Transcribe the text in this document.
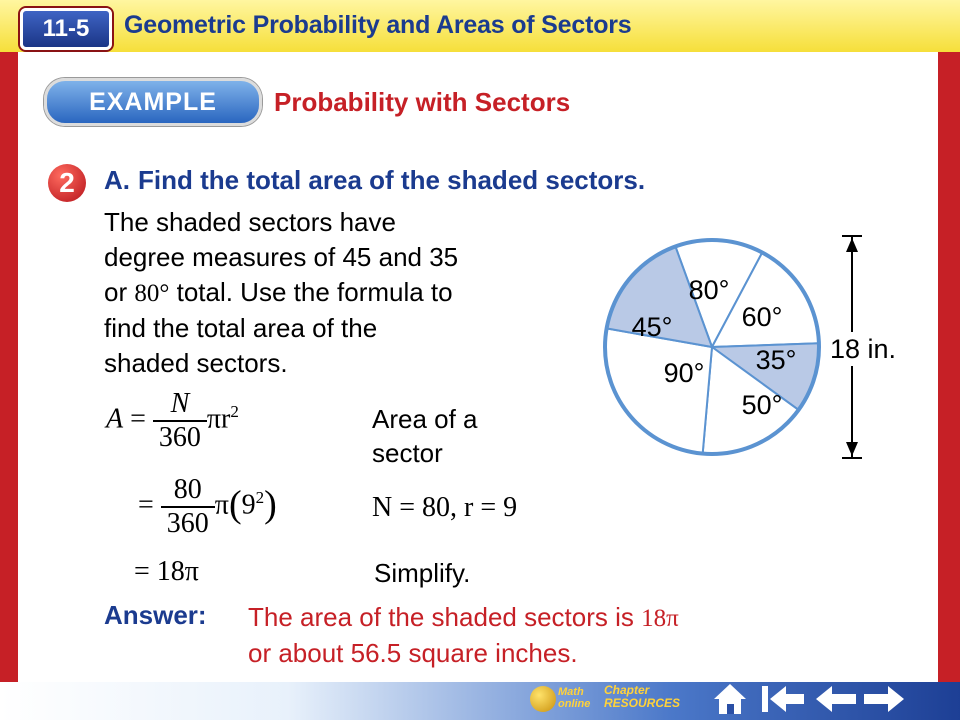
11-5	Geometric Probability and Areas of Sectors
EXAMPLE	Probability with Sectors
2	A. Find the total area of the shaded sectors.
The shaded sectors have
degree measures of 45 and 35
or 80° total. Use the formula to
find the total area of the
shaded sectors.
$A = \frac{N}{360} \pi r^2$
= $\frac{80}{360} \pi(9^2)$
= 18π
Area of a
sector
N = 80, r = 9
Simplify.
Answer: The area of the shaded sectors is 18π
or about 56.5 square inches.
80°
60°
35°
50°
90°
45°
18 in.
Math online
Chapter RESOURCES
